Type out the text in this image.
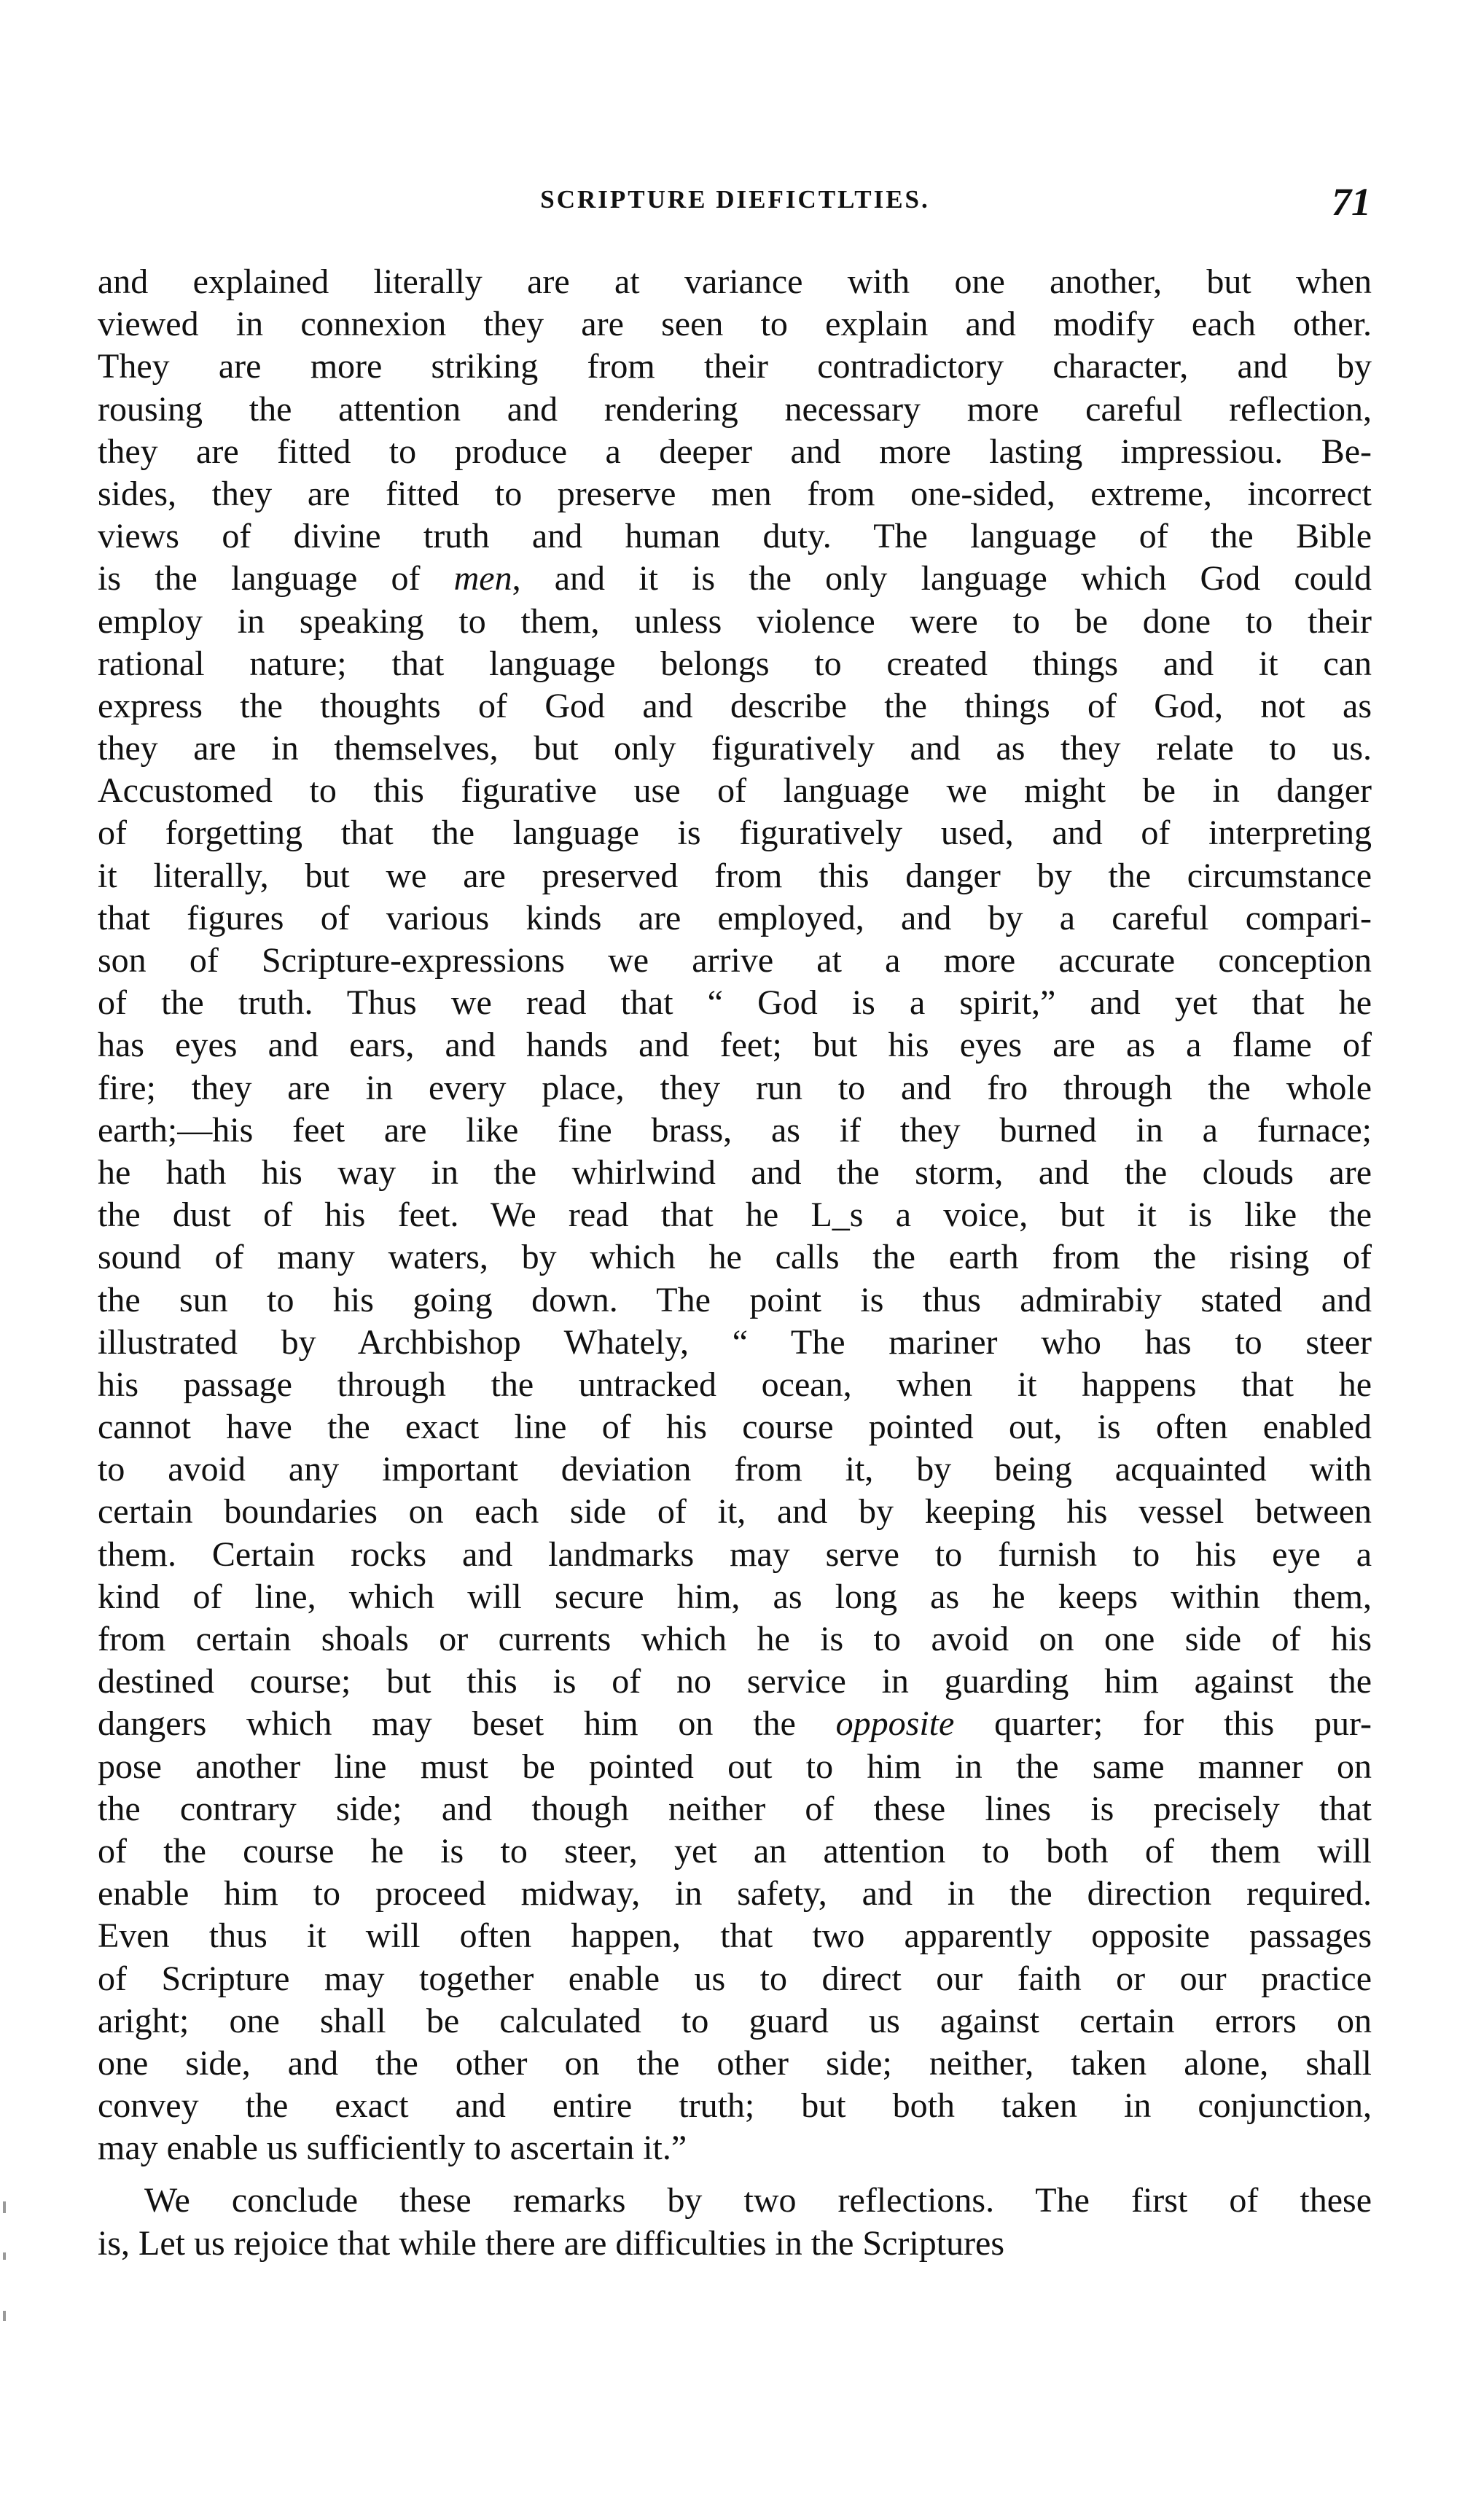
SCRIPTURE DIEFICTLTIES.	71
and explained literally are at variance with one another, but when
viewed in connexion they are seen to explain and modify each other.
They are more striking from their contradictory character, and by
rousing the attention and rendering necessary more careful reflection,
they are fitted to produce a deeper and more lasting impressiou. Be-
sides, they are fitted to preserve men from one-sided, extreme, incorrect
views of divine truth and human duty. The language of the Bible
is the language of men, and it is the only language which God could
employ in speaking to them, unless violence were to be done to their
rational nature; that language belongs to created things and it can
express the thoughts of God and describe the things of God, not as
they are in themselves, but only figuratively and as they relate to us.
Accustomed to this figurative use of language we might be in danger
of forgetting that the language is figuratively used, and of interpreting
it literally, but we are preserved from this danger by the circumstance
that figures of various kinds are employed, and by a careful compari-
son of Scripture-expressions we arrive at a more accurate conception
of the truth. Thus we read that “ God is a spirit,” and yet that he
has eyes and ears, and hands and feet; but his eyes are as a flame of
fire; they are in every place, they run to and fro through the whole
earth;—his feet are like fine brass, as if they burned in a furnace;
he hath his way in the whirlwind and the storm, and the clouds are
the dust of his feet. We read that he L_s a voice, but it is like the
sound of many waters, by which he calls the earth from the rising of
the sun to his going down. The point is thus admirabiy stated and
illustrated by Archbishop Whately, “ The mariner who has to steer
his passage through the untracked ocean, when it happens that he
cannot have the exact line of his course pointed out, is often enabled
to avoid any important deviation from it, by being acquainted with
certain boundaries on each side of it, and by keeping his vessel between
them. Certain rocks and landmarks may serve to furnish to his eye a
kind of line, which will secure him, as long as he keeps within them,
from certain shoals or currents which he is to avoid on one side of his
destined course; but this is of no service in guarding him against the
dangers which may beset him on the opposite quarter; for this pur-
pose another line must be pointed out to him in the same manner on
the contrary side; and though neither of these lines is precisely that
of the course he is to steer, yet an attention to both of them will
enable him to proceed midway, in safety, and in the direction required.
Even thus it will often happen, that two apparently opposite passages
of Scripture may together enable us to direct our faith or our practice
aright; one shall be calculated to guard us against certain errors on
one side, and the other on the other side; neither, taken alone, shall
convey the exact and entire truth; but both taken in conjunction,
may enable us sufficiently to ascertain it.”
We conclude these remarks by two reflections. The first of these
is, Let us rejoice that while there are difficulties in the Scriptures
